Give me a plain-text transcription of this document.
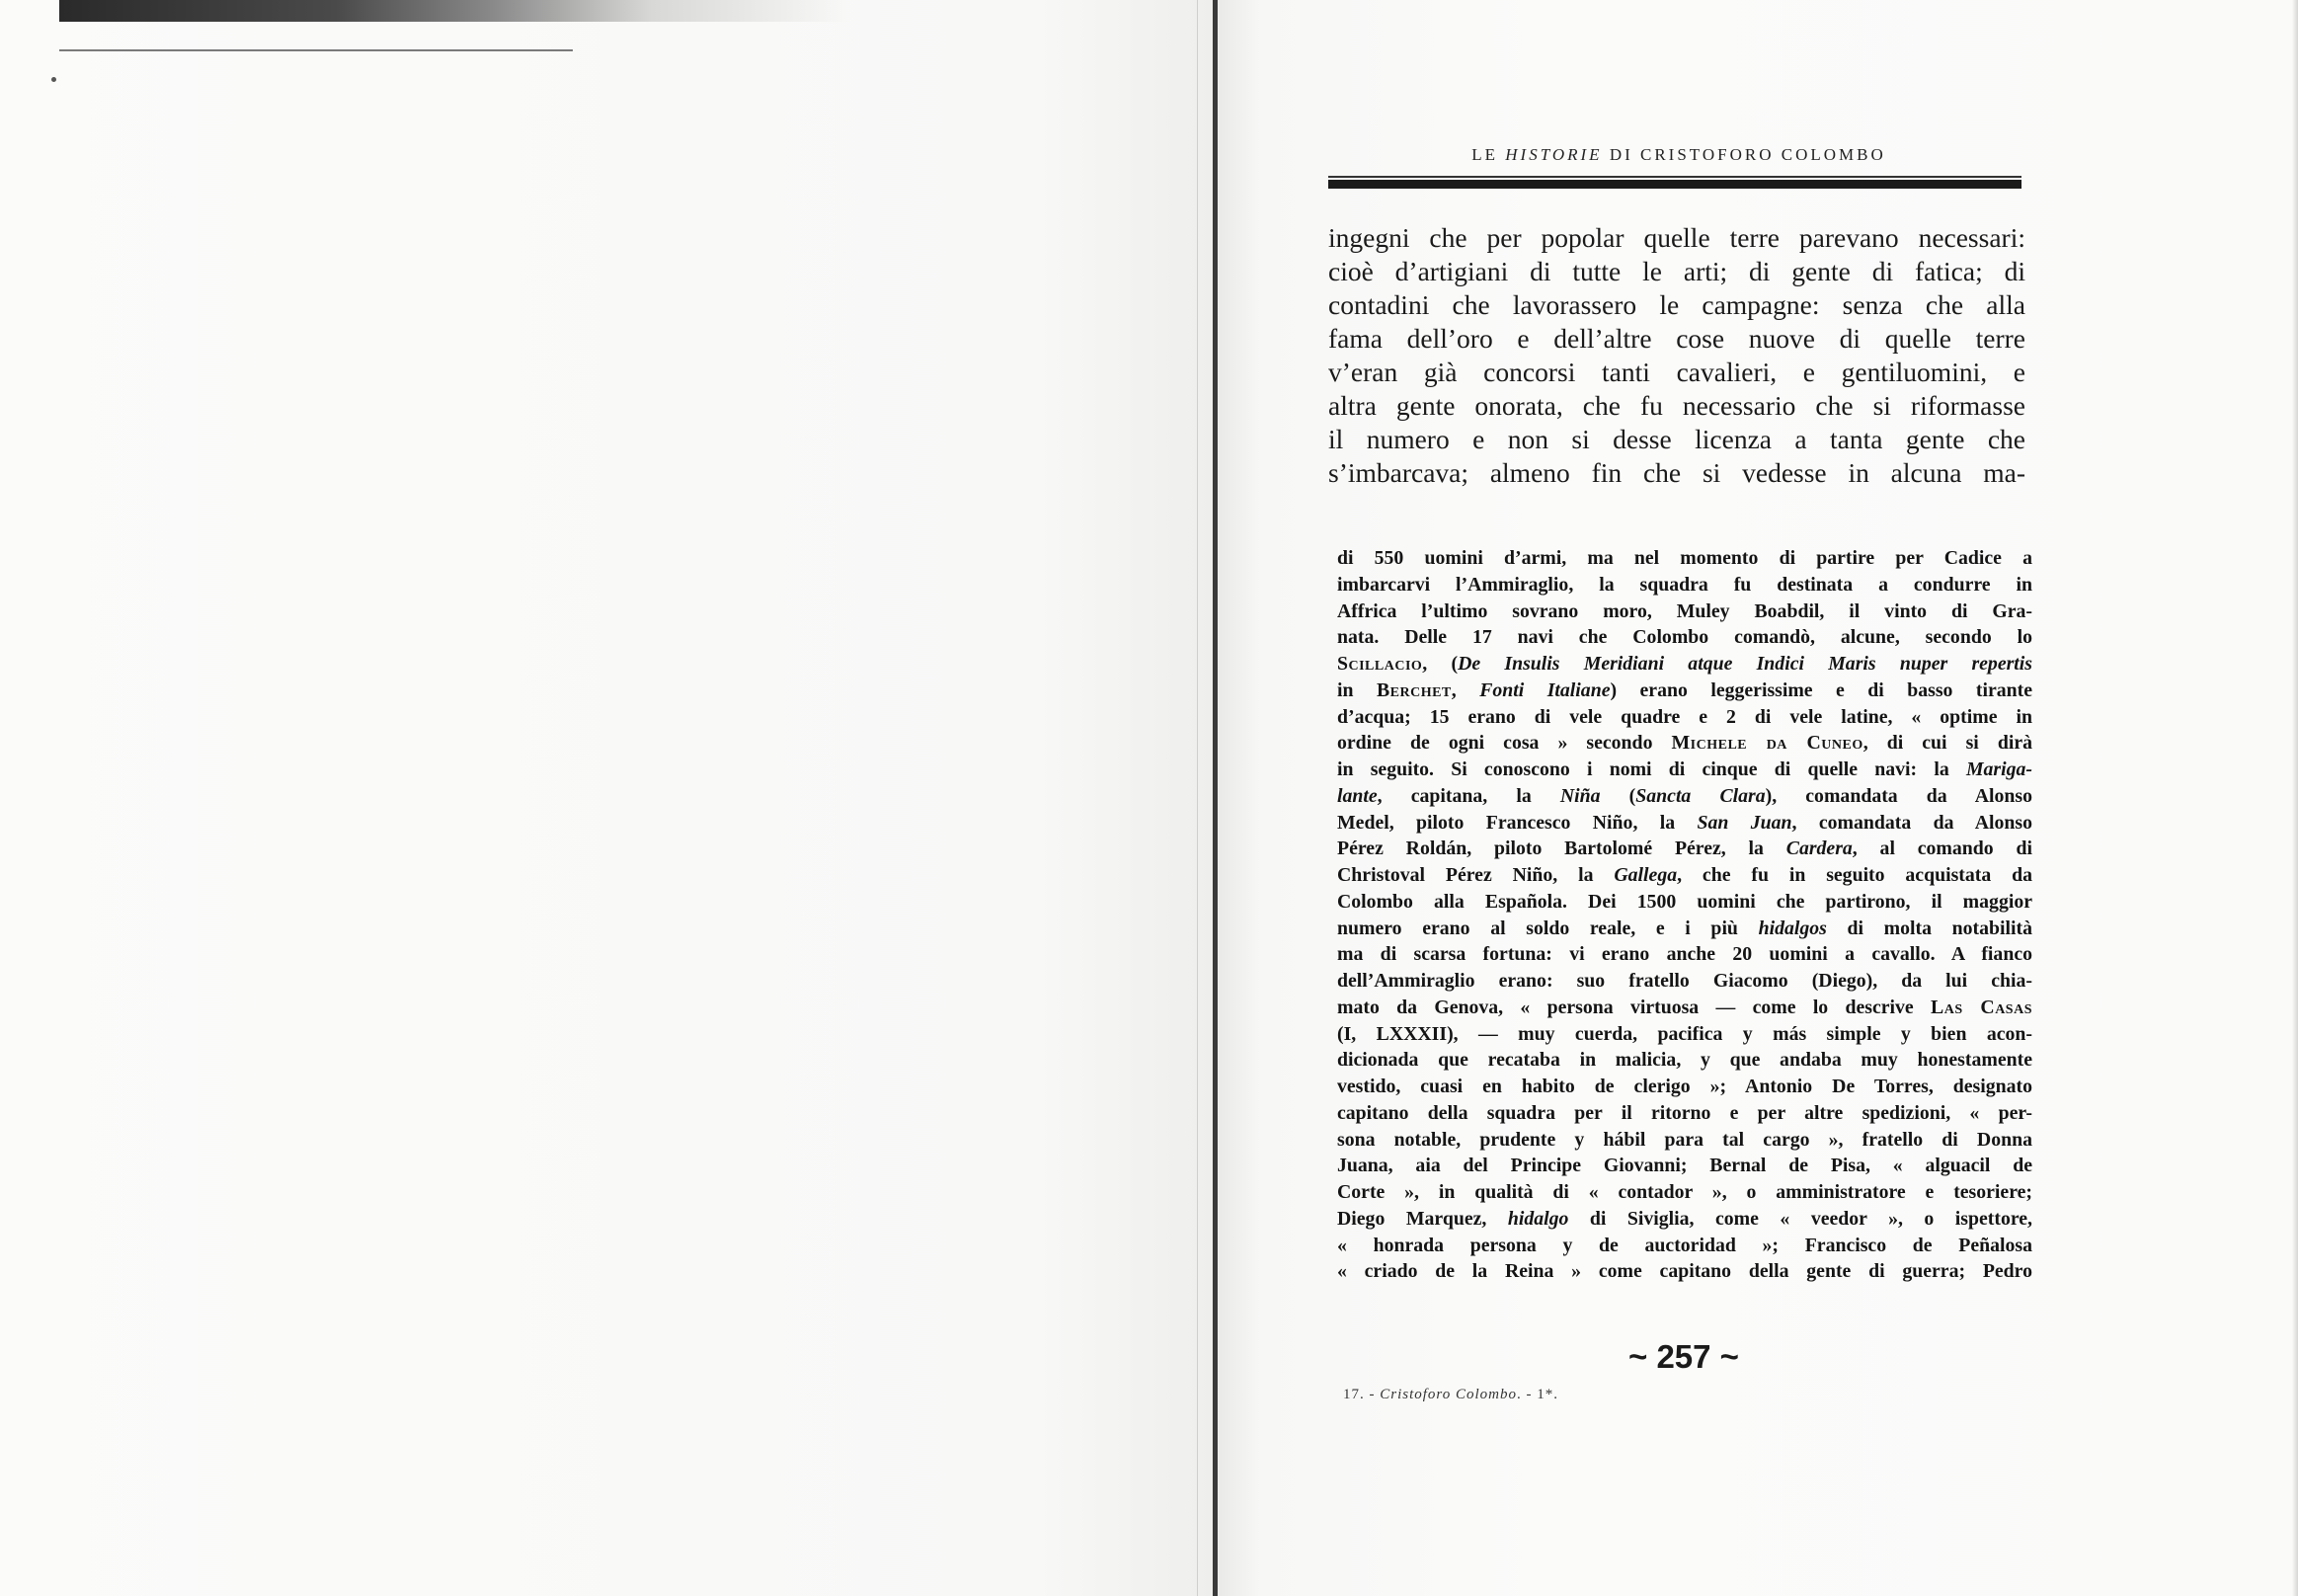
LE HISTORIE DI CRISTOFORO COLOMBO
ingegni che per popolar quelle terre parevano necessari:
cioè d’artigiani di tutte le arti; di gente di fatica; di
contadini che lavorassero le campagne: senza che alla
fama dell’oro e dell’altre cose nuove di quelle terre
v’eran già concorsi tanti cavalieri, e gentiluomini, e
altra gente onorata, che fu necessario che si riformasse
il numero e non si desse licenza a tanta gente che
s’imbarcava; almeno fin che si vedesse in alcuna ma-
di 550 uomini d’armi, ma nel momento di partire per Cadice a
imbarcarvi l’Ammiraglio, la squadra fu destinata a condurre in
Affrica l’ultimo sovrano moro, Muley Boabdil, il vinto di Gra-
nata. Delle 17 navi che Colombo comandò, alcune, secondo lo
Scillacio, (De Insulis Meridiani atque Indici Maris nuper repertis
in Berchet, Fonti Italiane) erano leggerissime e di basso tirante
d’acqua; 15 erano di vele quadre e 2 di vele latine, « optime in
ordine de ogni cosa » secondo Michele da Cuneo, di cui si dirà
in seguito. Si conoscono i nomi di cinque di quelle navi: la Mariga-
lante, capitana, la Niña (Sancta Clara), comandata da Alonso
Medel, piloto Francesco Niño, la San Juan, comandata da Alonso
Pérez Roldán, piloto Bartolomé Pérez, la Cardera, al comando di
Christoval Pérez Niño, la Gallega, che fu in seguito acquistata da
Colombo alla Española. Dei 1500 uomini che partirono, il maggior
numero erano al soldo reale, e i più hidalgos di molta notabilità
ma di scarsa fortuna: vi erano anche 20 uomini a cavallo. A fianco
dell’Ammiraglio erano: suo fratello Giacomo (Diego), da lui chia-
mato da Genova, « persona virtuosa — come lo descrive Las Casas
(I, LXXXII), — muy cuerda, pacifica y más simple y bien acon-
dicionada que recataba in malicia, y que andaba muy honestamente
vestido, cuasi en habito de clerigo »; Antonio De Torres, designato
capitano della squadra per il ritorno e per altre spedizioni, « per-
sona notable, prudente y hábil para tal cargo », fratello di Donna
Juana, aia del Principe Giovanni; Bernal de Pisa, « alguacil de
Corte », in qualità di « contador », o amministratore e tesoriere;
Diego Marquez, hidalgo di Siviglia, come « veedor », o ispettore,
« honrada persona y de auctoridad »; Francisco de Peñalosa
« criado de la Reina » come capitano della gente di guerra; Pedro
~ 257 ~
17. - Cristoforo Colombo. - 1*.
